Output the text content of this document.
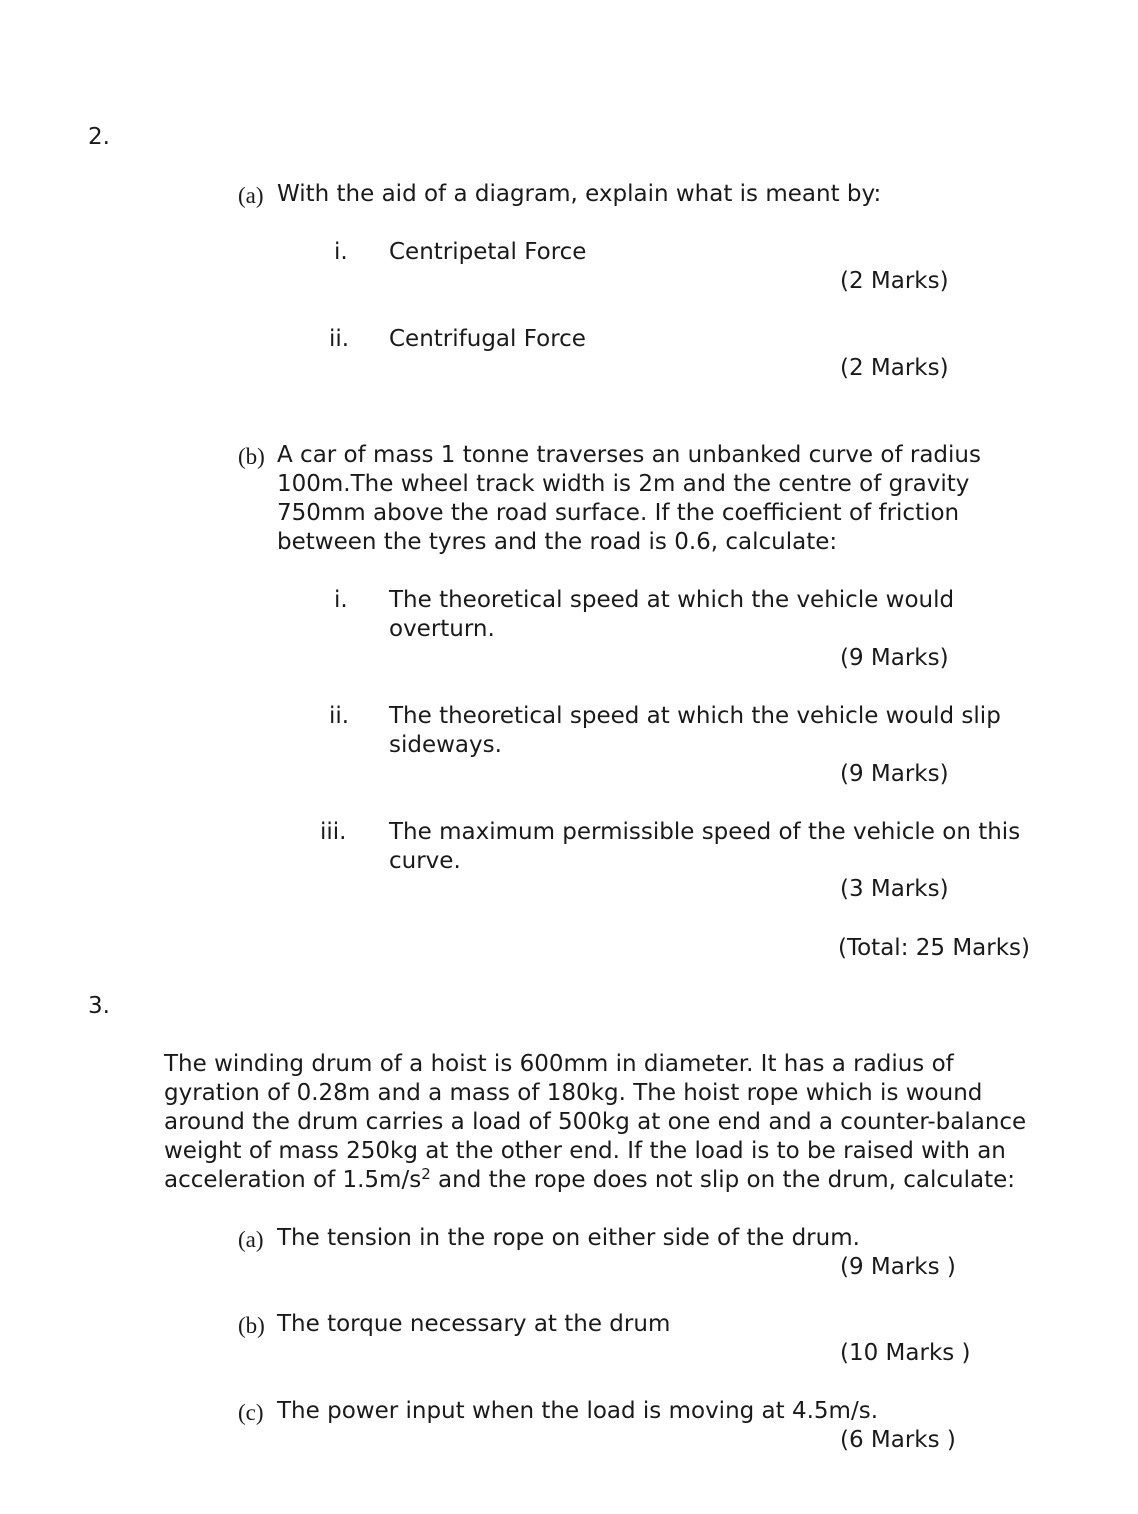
2.
(a) With the aid of a diagram, explain what is meant by:
i. Centripetal Force
(2 Marks)
ii. Centrifugal Force
(2 Marks)
(b) A car of mass 1 tonne traverses an unbanked curve of radius
100m.The wheel track width is 2m and the centre of gravity
750mm above the road surface. If the coefficient of friction
between the tyres and the road is 0.6, calculate:
i. The theoretical speed at which the vehicle would
overturn.
(9 Marks)
ii. The theoretical speed at which the vehicle would slip
sideways.
(9 Marks)
iii. The maximum permissible speed of the vehicle on this
curve.
(3 Marks)
(Total: 25 Marks)
3.
The winding drum of a hoist is 600mm in diameter. It has a radius of
gyration of 0.28m and a mass of 180kg. The hoist rope which is wound
around the drum carries a load of 500kg at one end and a counter-balance
weight of mass 250kg at the other end. If the load is to be raised with an
acceleration of $1.5m/s^2$ and the rope does not slip on the drum, calculate:
(a) The tension in the rope on either side of the drum.
(9 Marks )
(b) The torque necessary at the drum
(10 Marks )
(c) The power input when the load is moving at 4.5m/s.
(6 Marks )
